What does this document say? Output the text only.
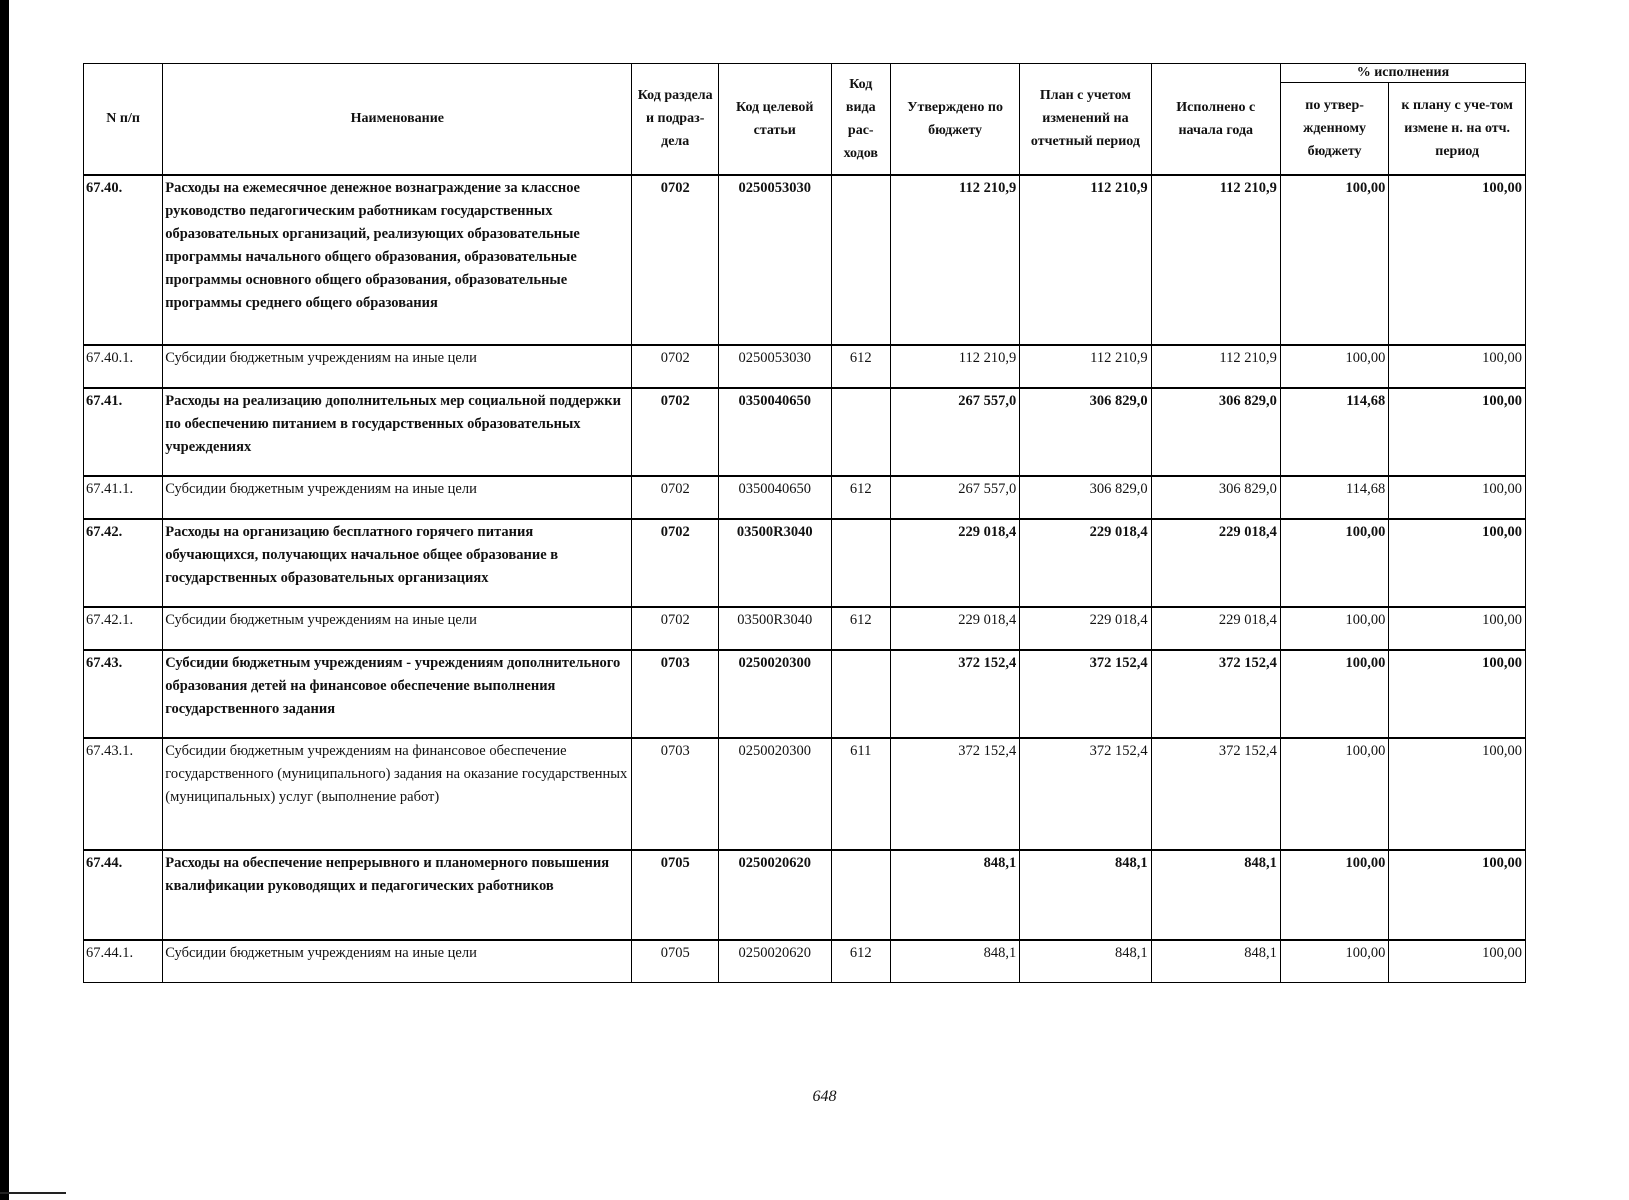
N п/п	Наименование	Код раздела и подраз-дела	Код целевой статьи	Код вида рас-ходов	Утверждено по бюджету	План с учетом изменений на отчетный период	Исполнено с начала года	% исполнения	
								по утвер-жденному бюджету	к плану с уче-том измене н. на отч. период
67.40.	Расходы на ежемесячное денежное вознаграждение за классное руководство педагогическим работникам государственных образовательных организаций, реализующих образовательные программы начального общего образования, образовательные программы основного общего образования, образовательные программы среднего общего образования	0702	0250053030		112 210,9	112 210,9	112 210,9	100,00	100,00
67.40.1.	Субсидии бюджетным учреждениям на иные цели	0702	0250053030	612	112 210,9	112 210,9	112 210,9	100,00	100,00
67.41.	Расходы на реализацию дополнительных мер социальной поддержки по обеспечению питанием в государственных образовательных учреждениях	0702	0350040650		267 557,0	306 829,0	306 829,0	114,68	100,00
67.41.1.	Субсидии бюджетным учреждениям на иные цели	0702	0350040650	612	267 557,0	306 829,0	306 829,0	114,68	100,00
67.42.	Расходы на организацию бесплатного горячего питания обучающихся, получающих начальное общее образование в государственных образовательных организациях	0702	03500R3040		229 018,4	229 018,4	229 018,4	100,00	100,00
67.42.1.	Субсидии бюджетным учреждениям на иные цели	0702	03500R3040	612	229 018,4	229 018,4	229 018,4	100,00	100,00
67.43.	Субсидии бюджетным учреждениям - учреждениям дополнительного образования детей на финансовое обеспечение выполнения государственного задания	0703	0250020300		372 152,4	372 152,4	372 152,4	100,00	100,00
67.43.1.	Субсидии бюджетным учреждениям на финансовое обеспечение государственного (муниципального) задания на оказание государственных (муниципальных) услуг (выполнение работ)	0703	0250020300	611	372 152,4	372 152,4	372 152,4	100,00	100,00
67.44.	Расходы на обеспечение непрерывного и планомерного повышения квалификации руководящих и педагогических работников	0705	0250020620		848,1	848,1	848,1	100,00	100,00
67.44.1.	Субсидии бюджетным учреждениям на иные цели	0705	0250020620	612	848,1	848,1	848,1	100,00	100,00
648
